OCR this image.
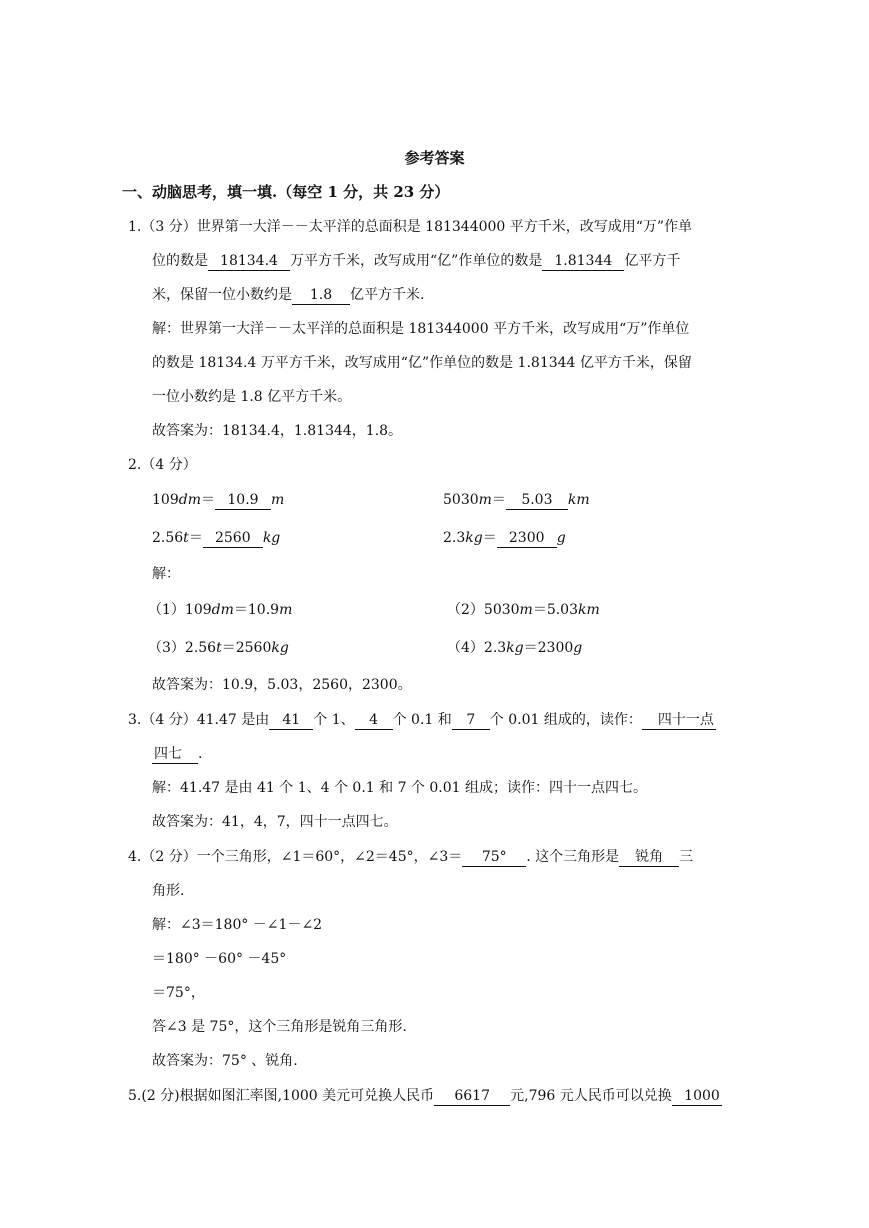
参考答案
一、动脑思考，填一填.（每空 1 分，共 23 分）
1.（3 分）世界第一大洋－－太平洋的总面积是 181344000 平方千米，改写成用“万”作单
位的数是 18134.4 万平方千米，改写成用“亿”作单位的数是 1.81344 亿平方千
米，保留一位小数约是 1.8 亿平方千米.
解：世界第一大洋－－太平洋的总面积是 181344000 平方千米，改写成用“万”作单位
的数是 18134.4 万平方千米，改写成用“亿”作单位的数是 1.81344 亿平方千米，保留
一位小数约是 1.8 亿平方千米。
故答案为：18134.4，1.81344，1.8。
2.（4 分）
109dm＝ 10.9 m	5030m＝ 5.03 km
2.56t＝ 2560 kg	2.3kg＝ 2300 g
解：
（1）109dm＝10.9m	（2）5030m＝5.03km
（3）2.56t＝2560kg	（4）2.3kg＝2300g
故答案为：10.9，5.03，2560，2300。
3.（4 分）41.47 是由 41 个 1、 4 个 0.1 和 7 个 0.01 组成的，读作： 四十一点
四七 .
解：41.47 是由 41 个 1、4 个 0.1 和 7 个 0.01 组成；读作：四十一点四七。
故答案为：41，4，7，四十一点四七。
4.（2 分）一个三角形，∠1＝60°，∠2＝45°，∠3＝ 75° . 这个三角形是 锐角 三
角形.
解：∠3＝180° －∠1－∠2
＝180° －60° －45°
＝75°，
答∠3 是 75°，这个三角形是锐角三角形.
故答案为：75° 、锐角.
5.(2 分)根据如图汇率图,1000 美元可兑换人民币 6617 元,796 元人民币可以兑换 1000
